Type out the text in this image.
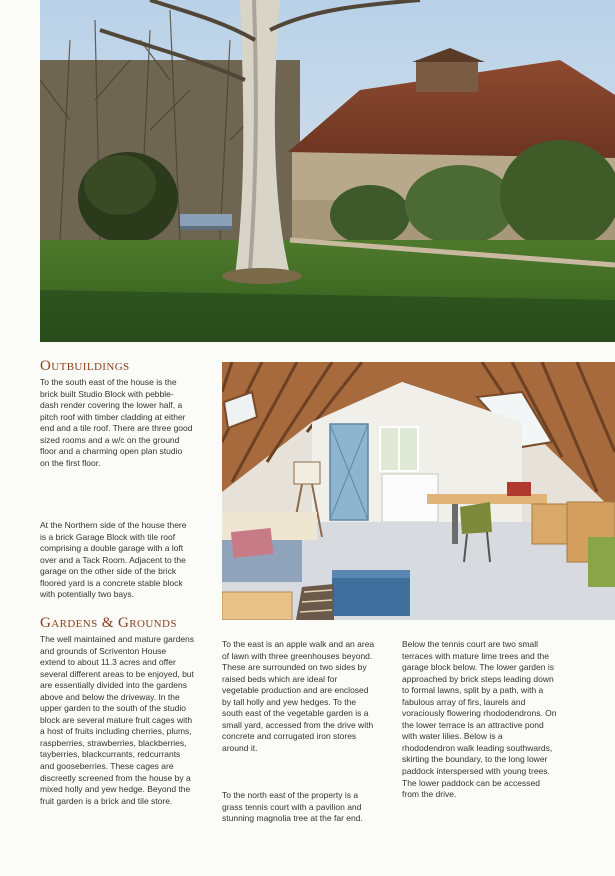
Outbuildings

To the south east of the house is the
brick built Studio Block with pebble-
dash render covering the lower half, a
pitch roof with timber cladding at either
end and a tile roof. There are three good
sized rooms and a w/c on the ground
floor and a charming open plan studio
on the first floor.

At the Northern side of the house there
is a brick Garage Block with tile roof
comprising a double garage with a loft
over and a Tack Room. Adjacent to the
garage on the other side of the brick
floored yard is a concrete stable block
with potentially two bays.

Gardens & Grounds

The well maintained and mature gardens
and grounds of Scriventon House
extend to about 11.3 acres and offer
several different areas to be enjoyed, but
are essentially divided into the gardens
above and below the driveway. In the
upper garden to the south of the studio
block are several mature fruit cages with
a host of fruits including cherries, plums,
raspberries, strawberries, blackberries,
tayberries, blackcurrants, redcurrants
and gooseberries. These cages are
discreetly screened from the house by a
mixed holly and yew hedge. Beyond the
fruit garden is a brick and tile store.

To the east is an apple walk and an area
of lawn with three greenhouses beyond.
These are surrounded on two sides by
raised beds which are ideal for
vegetable production and are enclosed
by tall holly and yew hedges. To the
south east of the vegetable garden is a
small yard, accessed from the drive with
concrete and corrugated iron stores
around it.

To the north east of the property is a
grass tennis court with a pavilion and
stunning magnolia tree at the far end.

Below the tennis court are two small
terraces with mature lime trees and the
garage block below. The lower garden is
approached by brick steps leading down
to formal lawns, split by a path, with a
fabulous array of firs, laurels and
voraciously flowering rhododendrons. On
the lower terrace is an attractive pond
with water lilies. Below is a
rhododendron walk leading southwards,
skirting the boundary, to the long lower
paddock interspersed with young trees.
The lower paddock can be accessed
from the drive.
